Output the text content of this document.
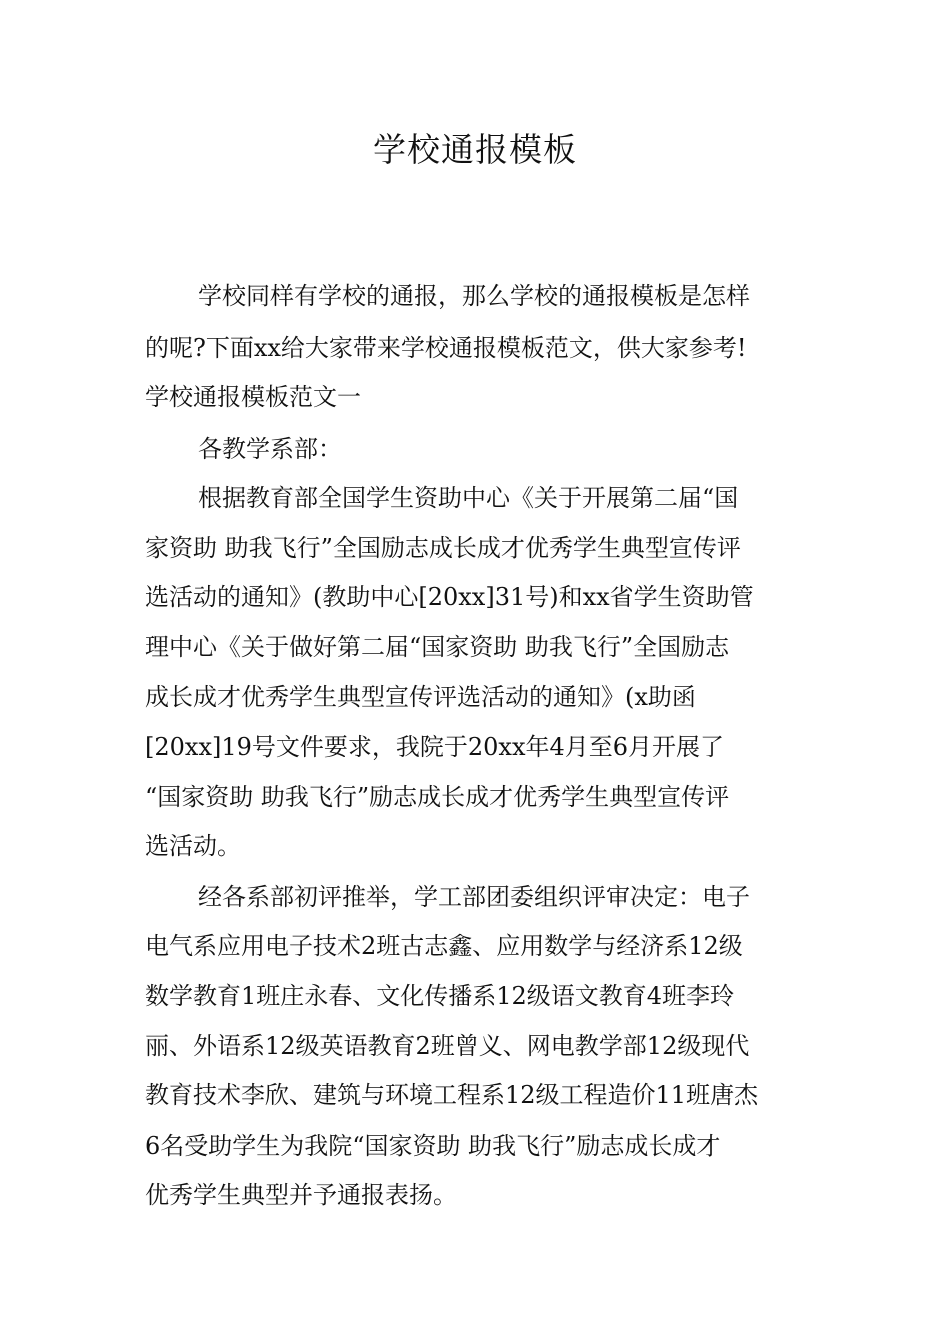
学校通报模板
学校同样有学校的通报，那么学校的通报模板是怎样
的呢?下面xx给大家带来学校通报模板范文，供大家参考!
学校通报模板范文一
各教学系部：
根据教育部全国学生资助中心《关于开展第二届“国
家资助 助我飞行”全国励志成长成才优秀学生典型宣传评
选活动的通知》(教助中心[20xx]31号)和xx省学生资助管
理中心《关于做好第二届“国家资助 助我飞行”全国励志
成长成才优秀学生典型宣传评选活动的通知》(x助函
[20xx]19号文件要求，我院于20xx年4月至6月开展了
“国家资助 助我飞行”励志成长成才优秀学生典型宣传评
选活动。
经各系部初评推举，学工部团委组织评审决定：电子
电气系应用电子技术2班古志鑫、应用数学与经济系12级
数学教育1班庄永春、文化传播系12级语文教育4班李玲
丽、外语系12级英语教育2班曾义、网电教学部12级现代
教育技术李欣、建筑与环境工程系12级工程造价11班唐杰
6名受助学生为我院“国家资助 助我飞行”励志成长成才
优秀学生典型并予通报表扬。
